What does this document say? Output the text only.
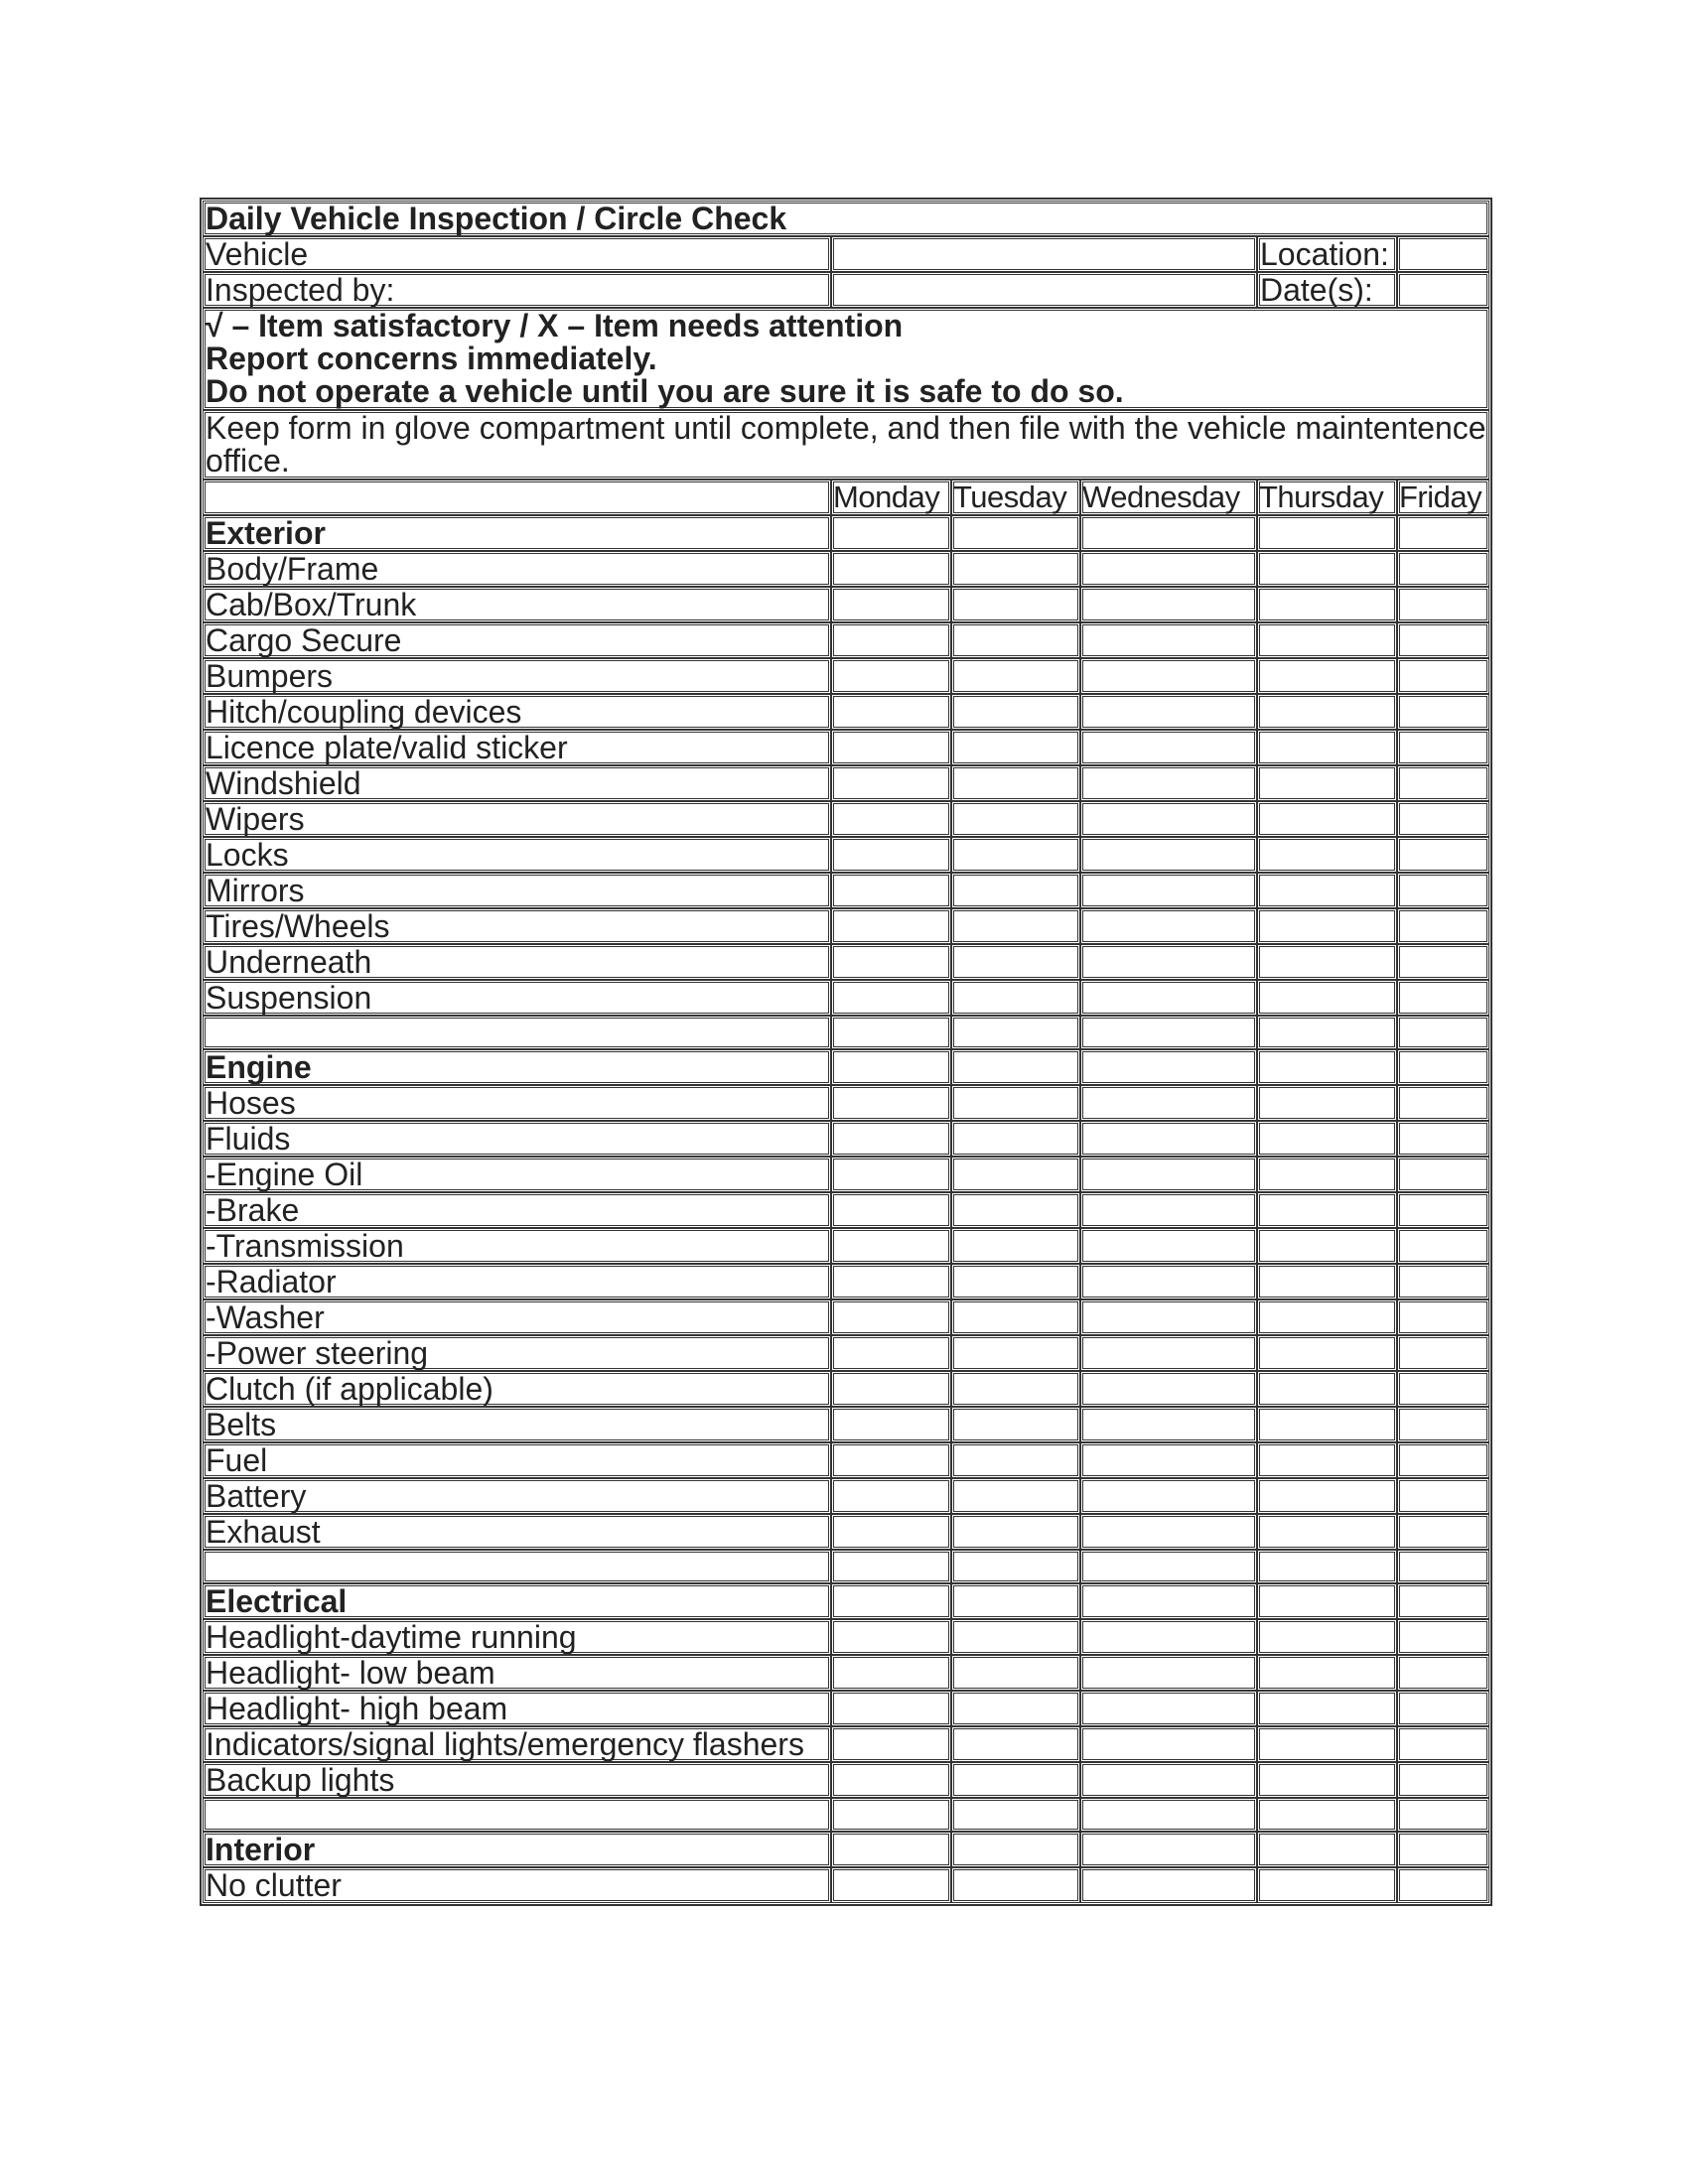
Daily Vehicle Inspection / Circle Check					
Vehicle				Location:	
Inspected by:				Date(s):	

√ – Item satisfactory / X – Item needs attention
Report concerns immediately.
Do not operate a vehicle until you are sure it is safe to do so.					

Keep form in glove compartment until complete, and then file with the vehicle maintentence office.					
	Monday	Tuesday	Wednesday	Thursday	Friday
Exterior					
Body/Frame					
Cab/Box/Trunk					
Cargo Secure					
Bumpers					
Hitch/coupling devices					
Licence plate/valid sticker					
Windshield					
Wipers					
Locks					
Mirrors					
Tires/Wheels					
Underneath					
Suspension					

Engine					
Hoses					
Fluids					
-Engine Oil					
-Brake					
-Transmission					
-Radiator					
-Washer					
-Power steering					
Clutch (if applicable)					
Belts					
Fuel					
Battery					
Exhaust					

Electrical					
Headlight-daytime running					
Headlight- low beam					
Headlight- high beam					
Indicators/signal lights/emergency flashers					
Backup lights					

Interior					
No clutter					
